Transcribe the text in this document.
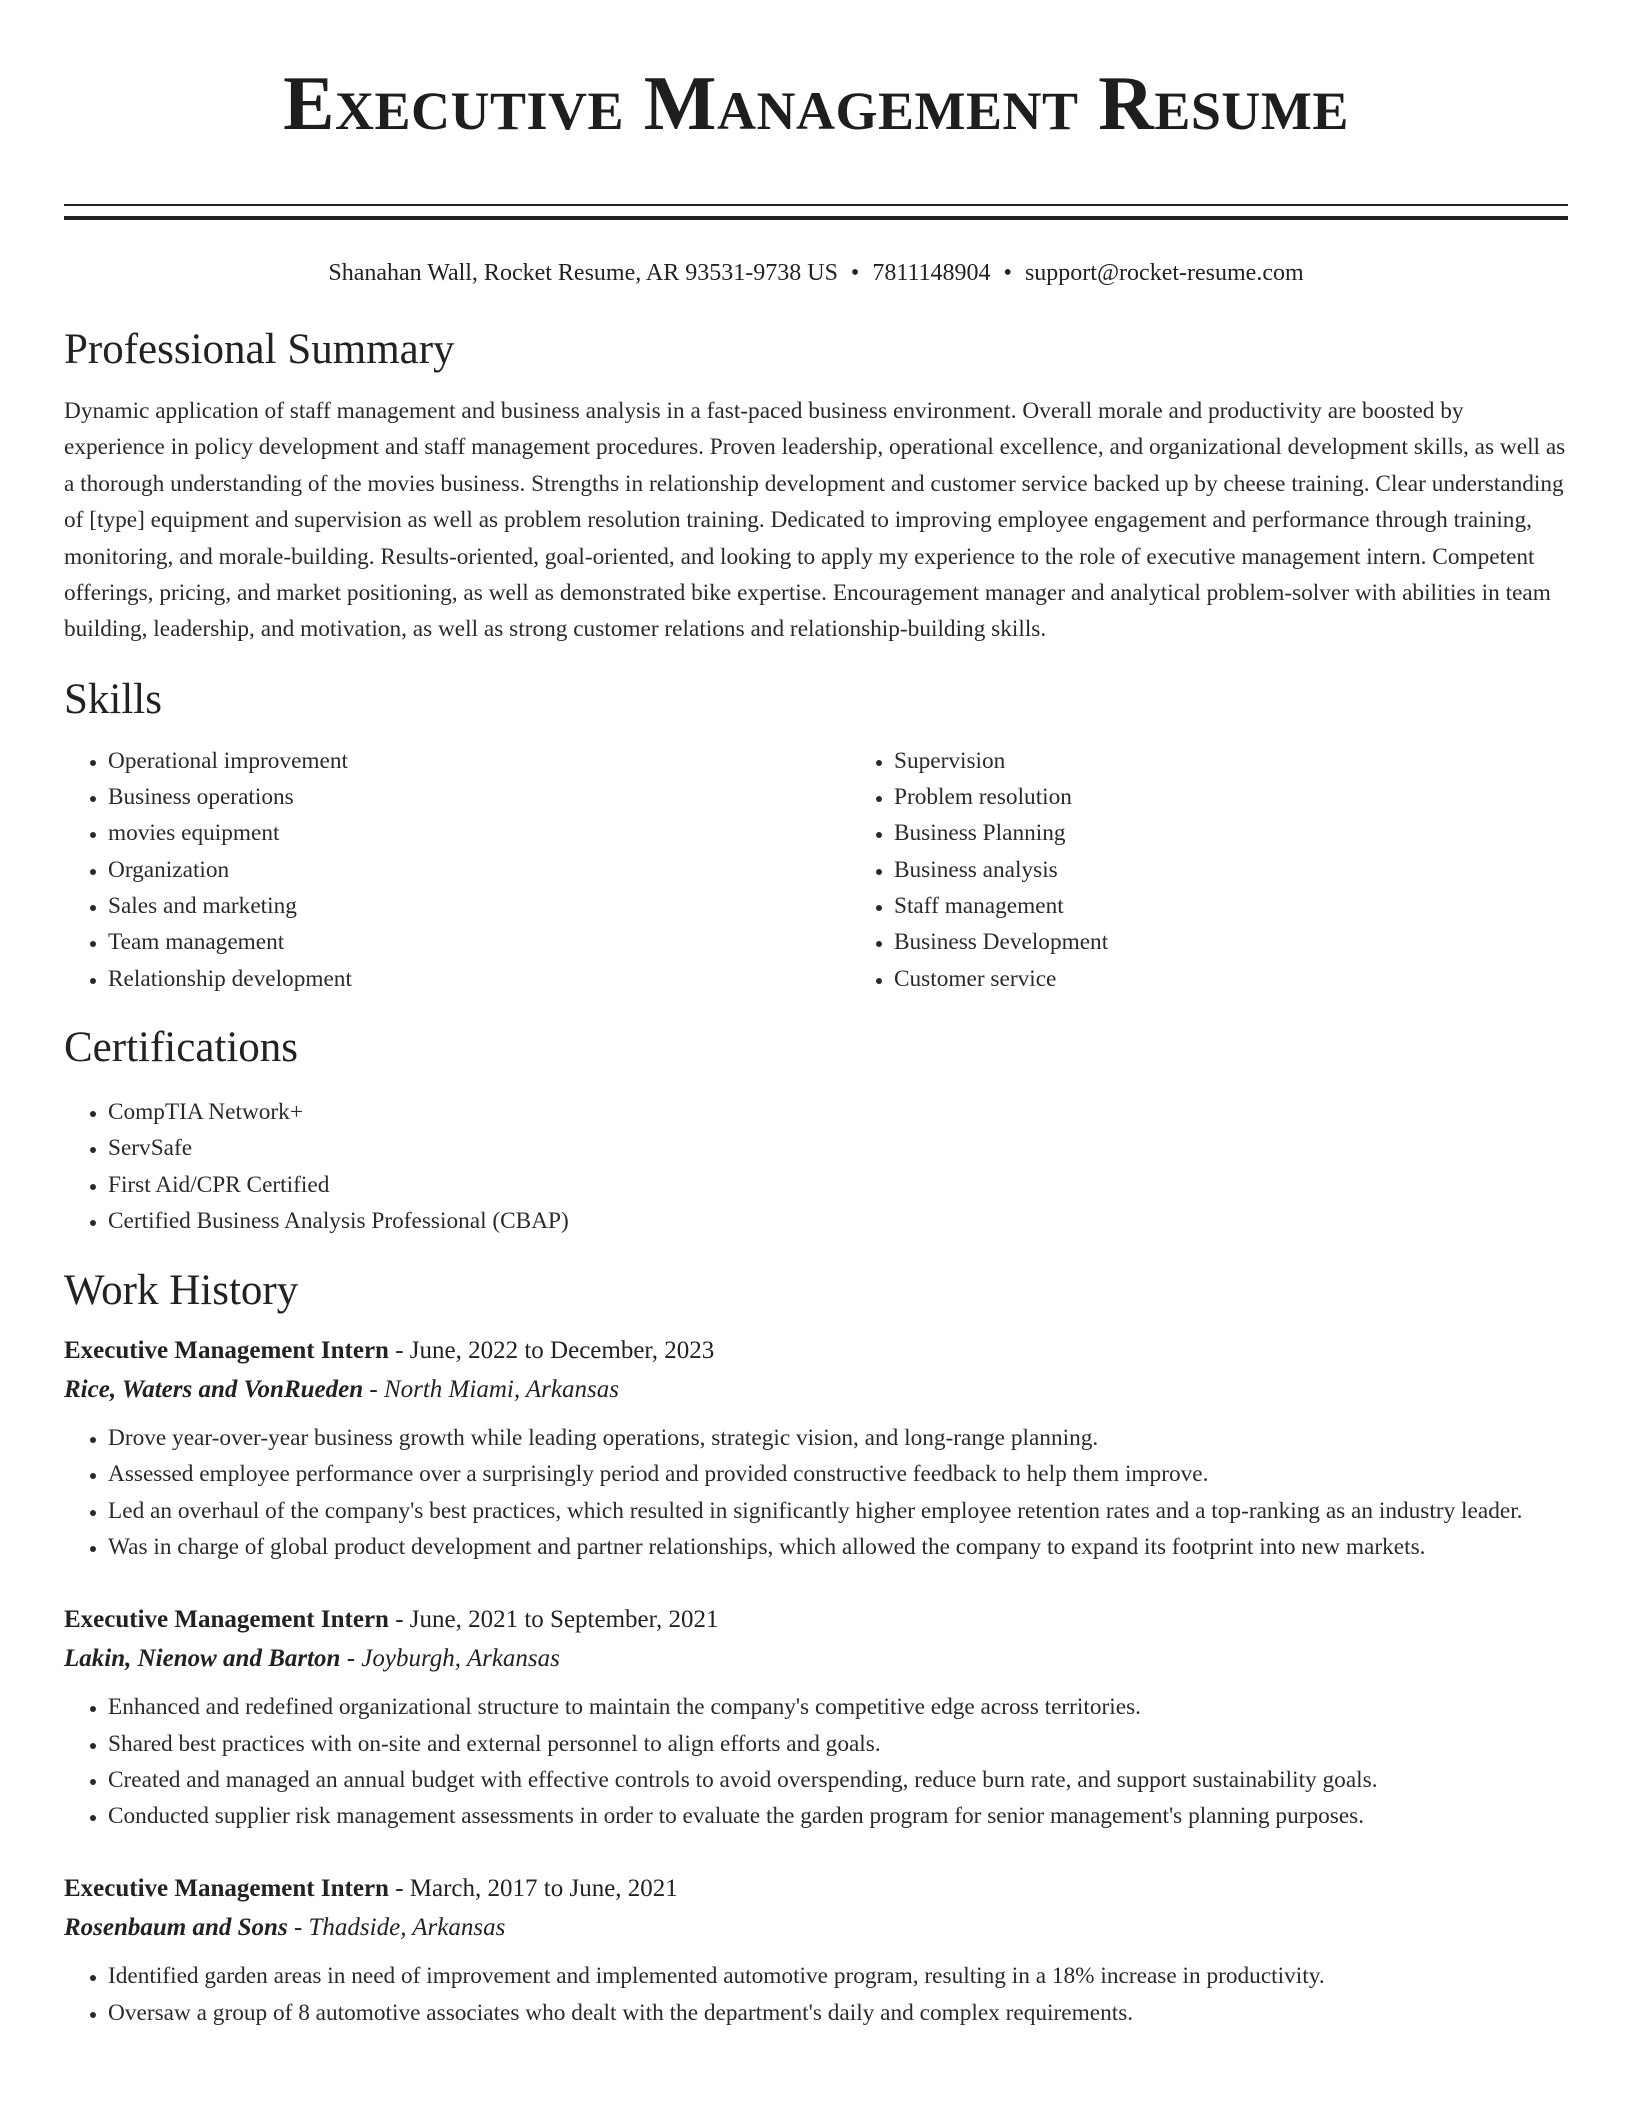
Executive Management Resume
Shanahan Wall, Rocket Resume, AR 93531-9738 US • 7811148904 • support@rocket-resume.com
Professional Summary

Dynamic application of staff management and business analysis in a fast-paced business environment. Overall morale and productivity are boosted by experience in policy development and staff management procedures. Proven leadership, operational excellence, and organizational development skills, as well as a thorough understanding of the movies business. Strengths in relationship development and customer service backed up by cheese training. Clear understanding of [type] equipment and supervision as well as problem resolution training. Dedicated to improving employee engagement and performance through training, monitoring, and morale-building. Results-oriented, goal-oriented, and looking to apply my experience to the role of executive management intern. Competent offerings, pricing, and market positioning, as well as demonstrated bike expertise. Encouragement manager and analytical problem-solver with abilities in team building, leadership, and motivation, as well as strong customer relations and relationship-building skills.

Skills
• Operational improvement
• Business operations
• movies equipment
• Organization
• Sales and marketing
• Team management
• Relationship development
• Supervision
• Problem resolution
• Business Planning
• Business analysis
• Staff management
• Business Development
• Customer service
Certifications
• CompTIA Network+
• ServSafe
• First Aid/CPR Certified
• Certified Business Analysis Professional (CBAP)
Work History
Executive Management Intern - June, 2022 to December, 2023
Rice, Waters and VonRueden - North Miami, Arkansas
• Drove year-over-year business growth while leading operations, strategic vision, and long-range planning.
• Assessed employee performance over a surprisingly period and provided constructive feedback to help them improve.
• Led an overhaul of the company's best practices, which resulted in significantly higher employee retention rates and a top-ranking as an industry leader.
• Was in charge of global product development and partner relationships, which allowed the company to expand its footprint into new markets.
Executive Management Intern - June, 2021 to September, 2021
Lakin, Nienow and Barton - Joyburgh, Arkansas
• Enhanced and redefined organizational structure to maintain the company's competitive edge across territories.
• Shared best practices with on-site and external personnel to align efforts and goals.
• Created and managed an annual budget with effective controls to avoid overspending, reduce burn rate, and support sustainability goals.
• Conducted supplier risk management assessments in order to evaluate the garden program for senior management's planning purposes.
Executive Management Intern - March, 2017 to June, 2021
Rosenbaum and Sons - Thadside, Arkansas
• Identified garden areas in need of improvement and implemented automotive program, resulting in a 18% increase in productivity.
• Oversaw a group of 8 automotive associates who dealt with the department's daily and complex requirements.
